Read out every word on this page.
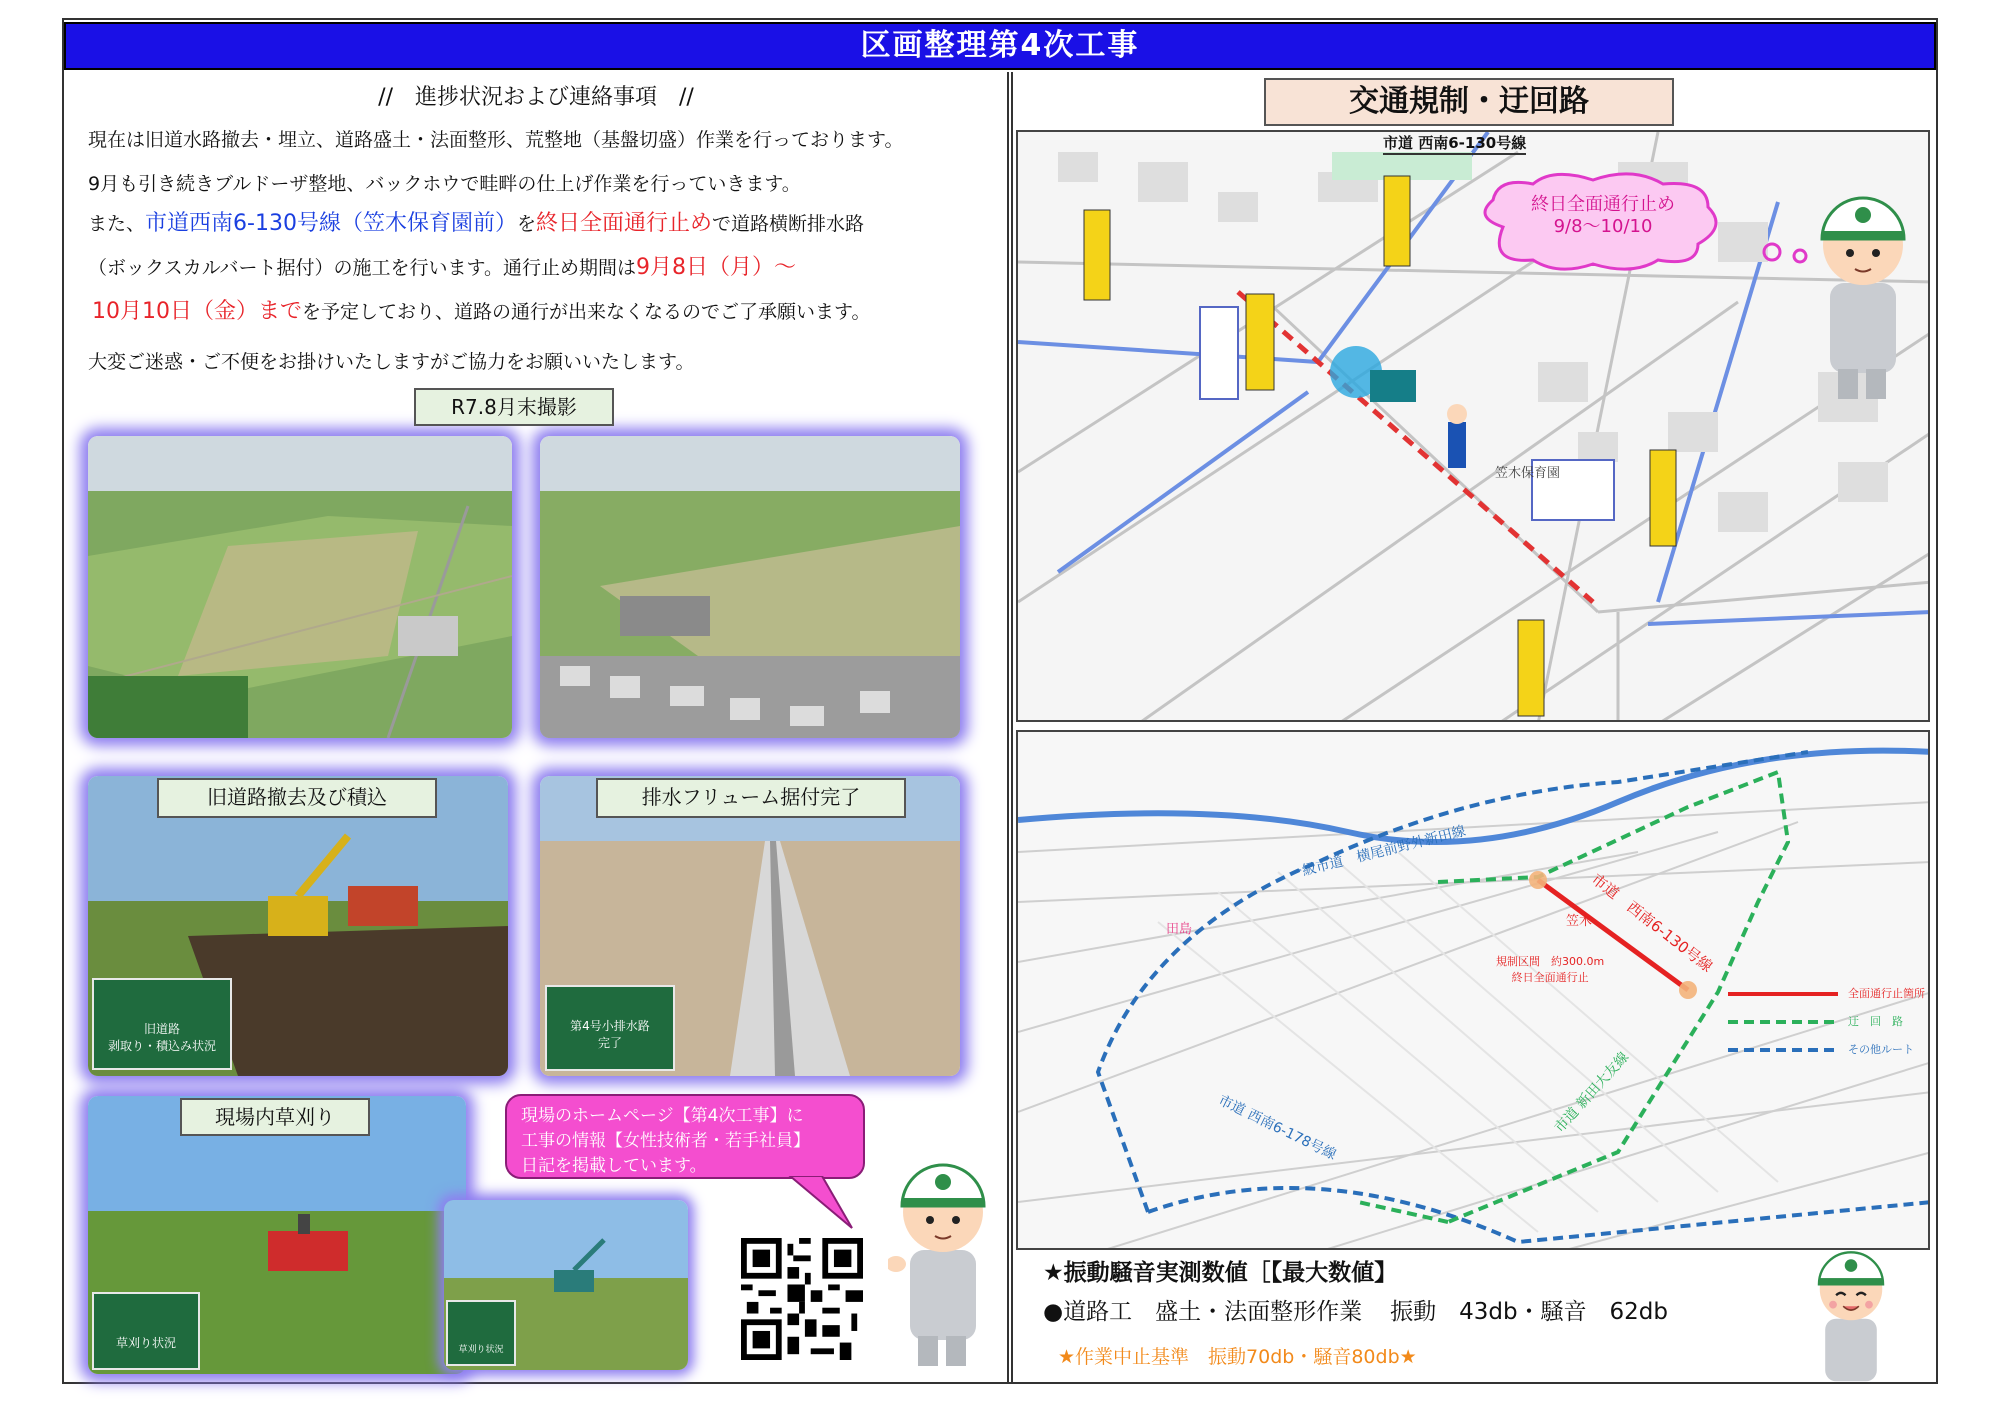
区画整理第4次工事
//　進捗状況および連絡事項　//
現在は旧道水路撤去・埋立、道路盛土・法面整形、荒整地（基盤切盛）作業を行っております。
9月も引き続きブルドーザ整地、バックホウで畦畔の仕上げ作業を行っていきます。
また、市道西南6-130号線（笠木保育園前）を終日全面通行止めで道路横断排水路
（ボックスカルバート据付）の施工を行います。通行止め期間は9月8日（月）～
10月10日（金）までを予定しており、道路の通行が出来なくなるのでご了承願います。
大変ご迷惑・ご不便をお掛けいたしますがご協力をお願いいたします。
R7.8月末撮影
旧道路撤去及び積込
旧道路
剥取り・積込み状況
排水フリューム据付完了
第4号小排水路
完了
現場内草刈り
草刈り状況	草刈り状況
現場のホームページ【第4次工事】に
工事の情報【女性技術者・若手社員】
日記を掲載しています。
交通規制・迂回路
市道 西南6-130号線
終日全面通行止め
9/8～10/10
笠木保育園
市道　西南6-130号線
笠木
規制区間　約300.0m
終日全面通行止
一級市道　横尾前野外新田線
市道 西南6-178号線	市道 新田大友線
田島
全面通行止箇所
迂　回　路
その他ルート
★振動騒音実測数値［【最大数値】
●道路工　盛土・法面整形作業 振動　43db・騒音　62db
★作業中止基準　振動70db・騒音80db★
